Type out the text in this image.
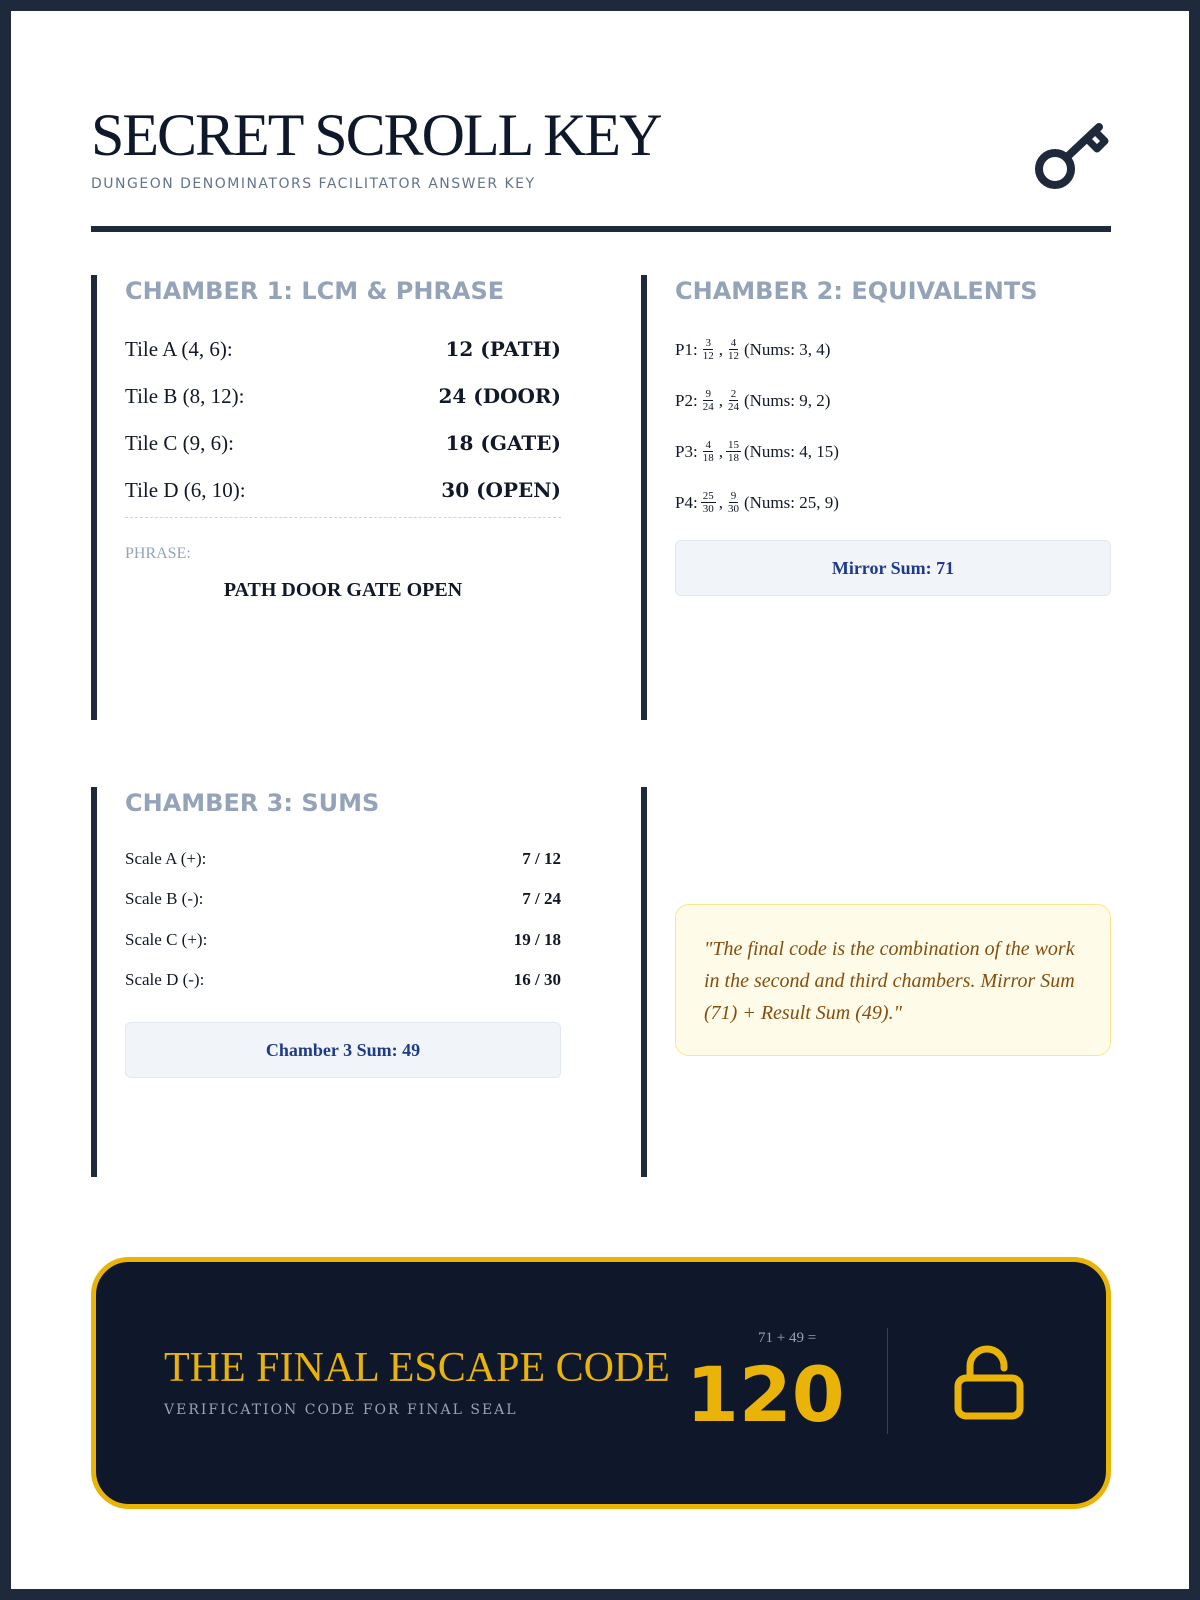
SECRET SCROLL KEY
DUNGEON DENOMINATORS FACILITATOR ANSWER KEY
CHAMBER 1: LCM & PHRASE
Tile A (4, 6):	12 (PATH)
Tile B (8, 12):	24 (DOOR)
Tile C (9, 6):	18 (GATE)
Tile D (6, 10):	30 (OPEN)
PHRASE:
PATH DOOR GATE OPEN
CHAMBER 2: EQUIVALENTS
P1: $\frac{3}{12}$ , $\frac{4}{12}$ (Nums: 3, 4)
P2: $\frac{9}{24}$ , $\frac{2}{24}$ (Nums: 9, 2)
P3: $\frac{4}{18}$ , $\frac{15}{18}$ (Nums: 4, 15)
P4: $\frac{25}{30}$ , $\frac{9}{30}$ (Nums: 25, 9)
Mirror Sum: 71
CHAMBER 3: SUMS
Scale A (+):	7 / 12
Scale B (-):	7 / 24
Scale C (+):	19 / 18
Scale D (-):	16 / 30
Chamber 3 Sum: 49
"The final code is the combination of the work in the second and third chambers. Mirror Sum (71) + Result Sum (49)."
THE FINAL ESCAPE CODE
VERIFICATION CODE FOR FINAL SEAL
71 + 49 =
120
